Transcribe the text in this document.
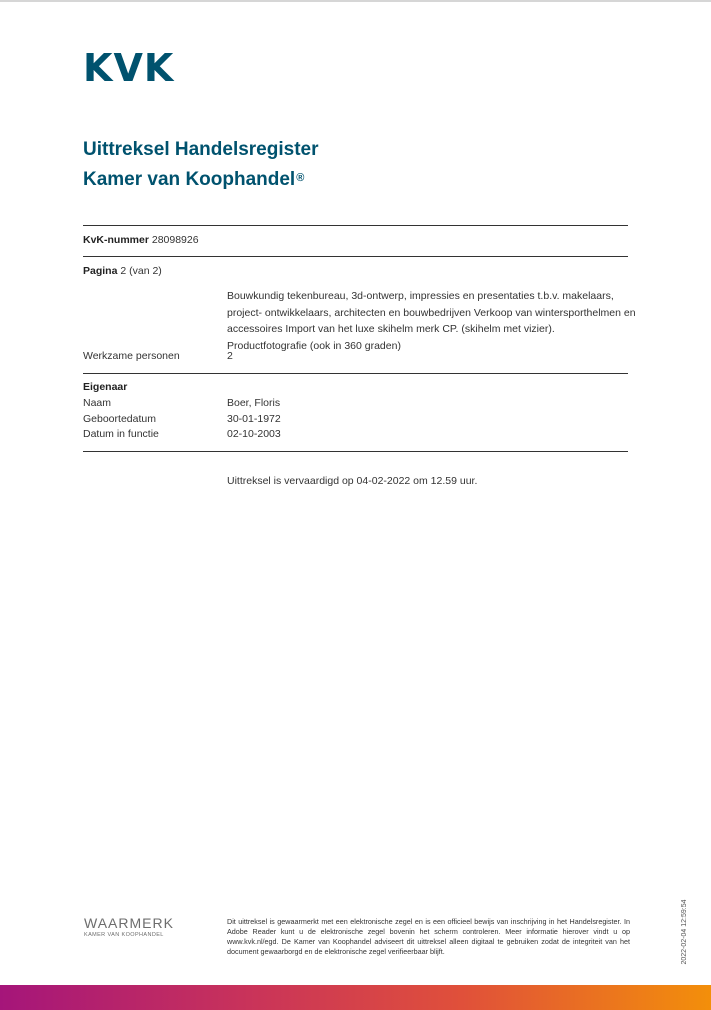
KVK
Uittreksel Handelsregister
Kamer van Koophandel®
KvK-nummer 28098926
Pagina 2 (van 2)
Bouwkundig tekenbureau, 3d-ontwerp, impressies en presentaties t.b.v. makelaars, project- ontwikkelaars, architecten en bouwbedrijven Verkoop van wintersporthelmen en accessoires Import van het luxe skihelm merk CP. (skihelm met vizier). Productfotografie (ook in 360 graden)
Werkzame personen	2
Eigenaar
Naam	Boer, Floris
Geboortedatum	30-01-1972
Datum in functie	02-10-2003
Uittreksel is vervaardigd op 04-02-2022 om 12.59 uur.
WAARMERK
KAMER VAN KOOPHANDEL
Dit uittreksel is gewaarmerkt met een elektronische zegel en is een officieel bewijs van inschrijving in het Handelsregister. In Adobe Reader kunt u de elektronische zegel bovenin het scherm controleren. Meer informatie hierover vindt u op www.kvk.nl/egd. De Kamer van Koophandel adviseert dit uittreksel alleen digitaal te gebruiken zodat de integriteit van het document gewaarborgd en de elektronische zegel verifieerbaar blijft.	2022-02-04 12:59:54
